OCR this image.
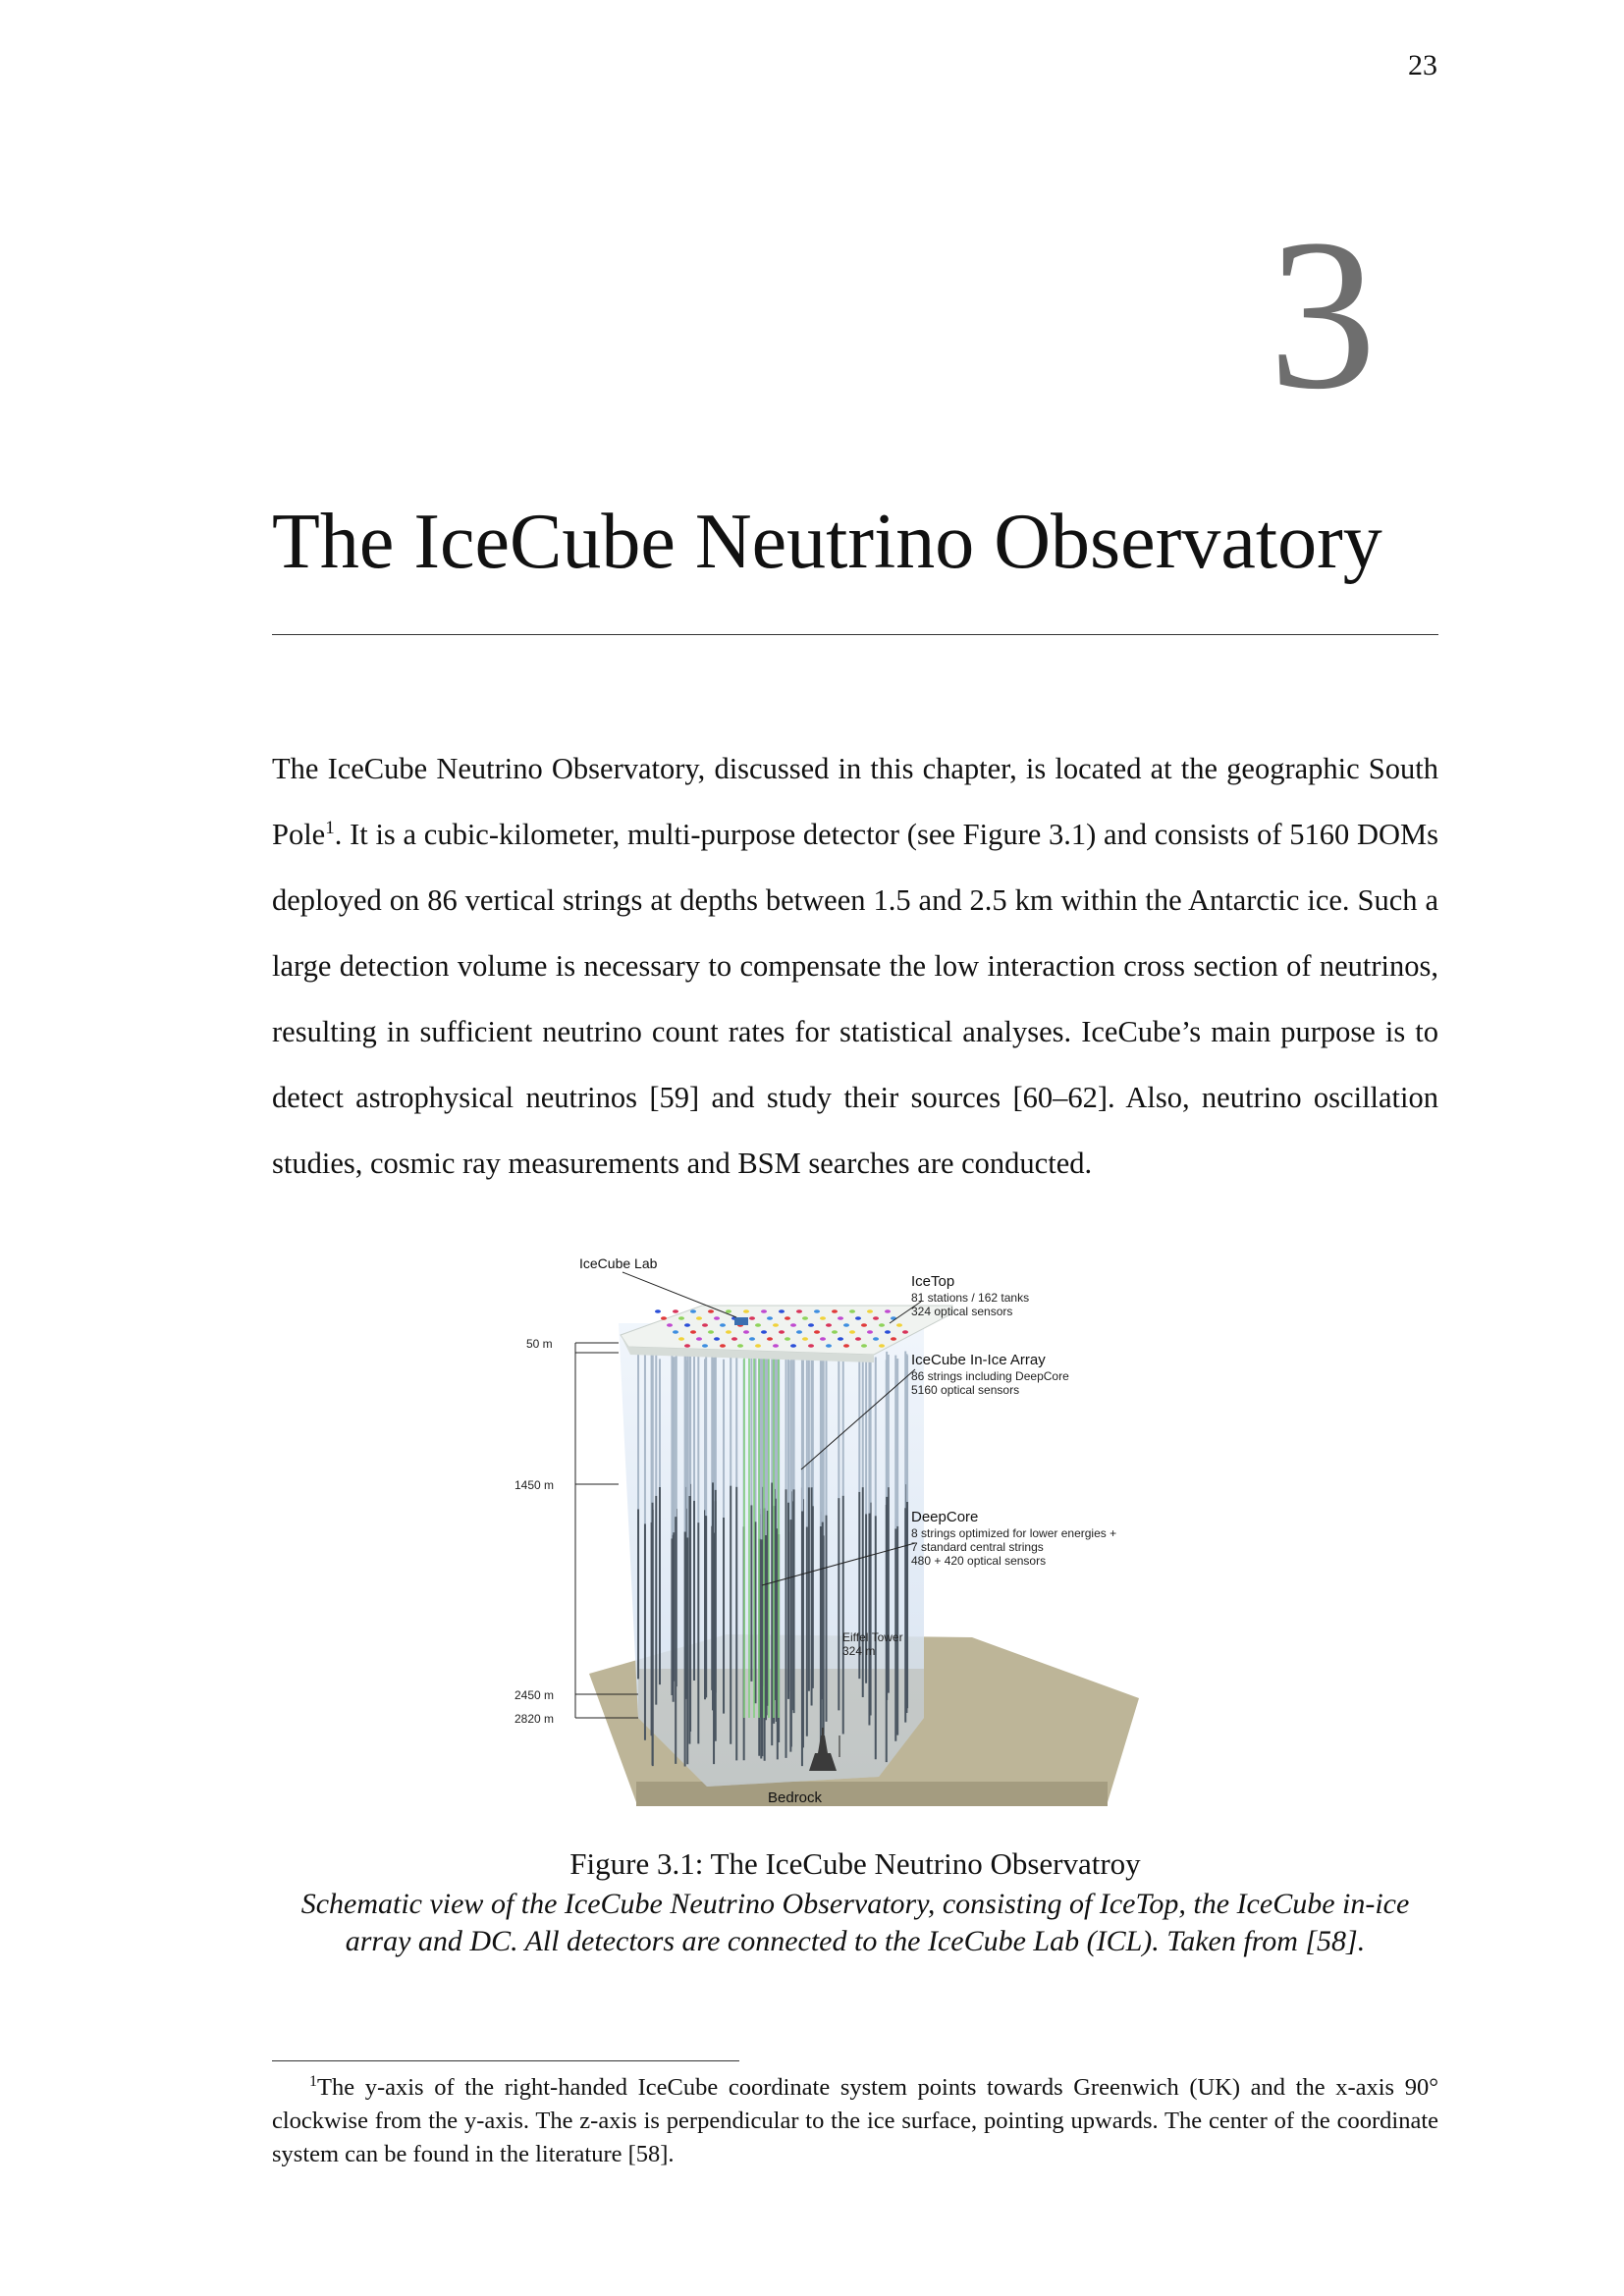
23
3
The IceCube Neutrino Observatory

The IceCube Neutrino Observatory, discussed in this chapter, is located at the geographic South Pole$^1$. It is a cubic-kilometer, multi-purpose detector (see Figure 3.1) and consists of 5160 DOMs deployed on 86 vertical strings at depths between 1.5 and 2.5 km within the Antarctic ice. Such a large detection volume is necessary to compensate the low interaction cross section of neutrinos, resulting in sufficient neutrino count rates for statistical analyses. IceCube’s main purpose is to detect astrophysical neutrinos [59] and study their sources [60–62]. Also, neutrino oscillation studies, cosmic ray measurements and BSM searches are conducted.

IceCube Lab
IceTop
81 stations / 162 tanks
324 optical sensors
IceCube In-Ice Array
86 strings including DeepCore
5160 optical sensors
DeepCore
8 strings optimized for lower energies +
7 standard central strings
480 + 420 optical sensors
Eiffel Tower
324 m
50 m
1450 m
2450 m
2820 m
Bedrock
Figure 3.1: The IceCube Neutrino Observatroy

Schematic view of the IceCube Neutrino Observatory, consisting of IceTop, the IceCube in-ice array and DC. All detectors are connected to the IceCube Lab (ICL). Taken from [58].

$^1$The y-axis of the right-handed IceCube coordinate system points towards Greenwich (UK) and the x-axis 90° clockwise from the y-axis. The z-axis is perpendicular to the ice surface, pointing upwards. The center of the coordinate system can be found in the literature [58].
